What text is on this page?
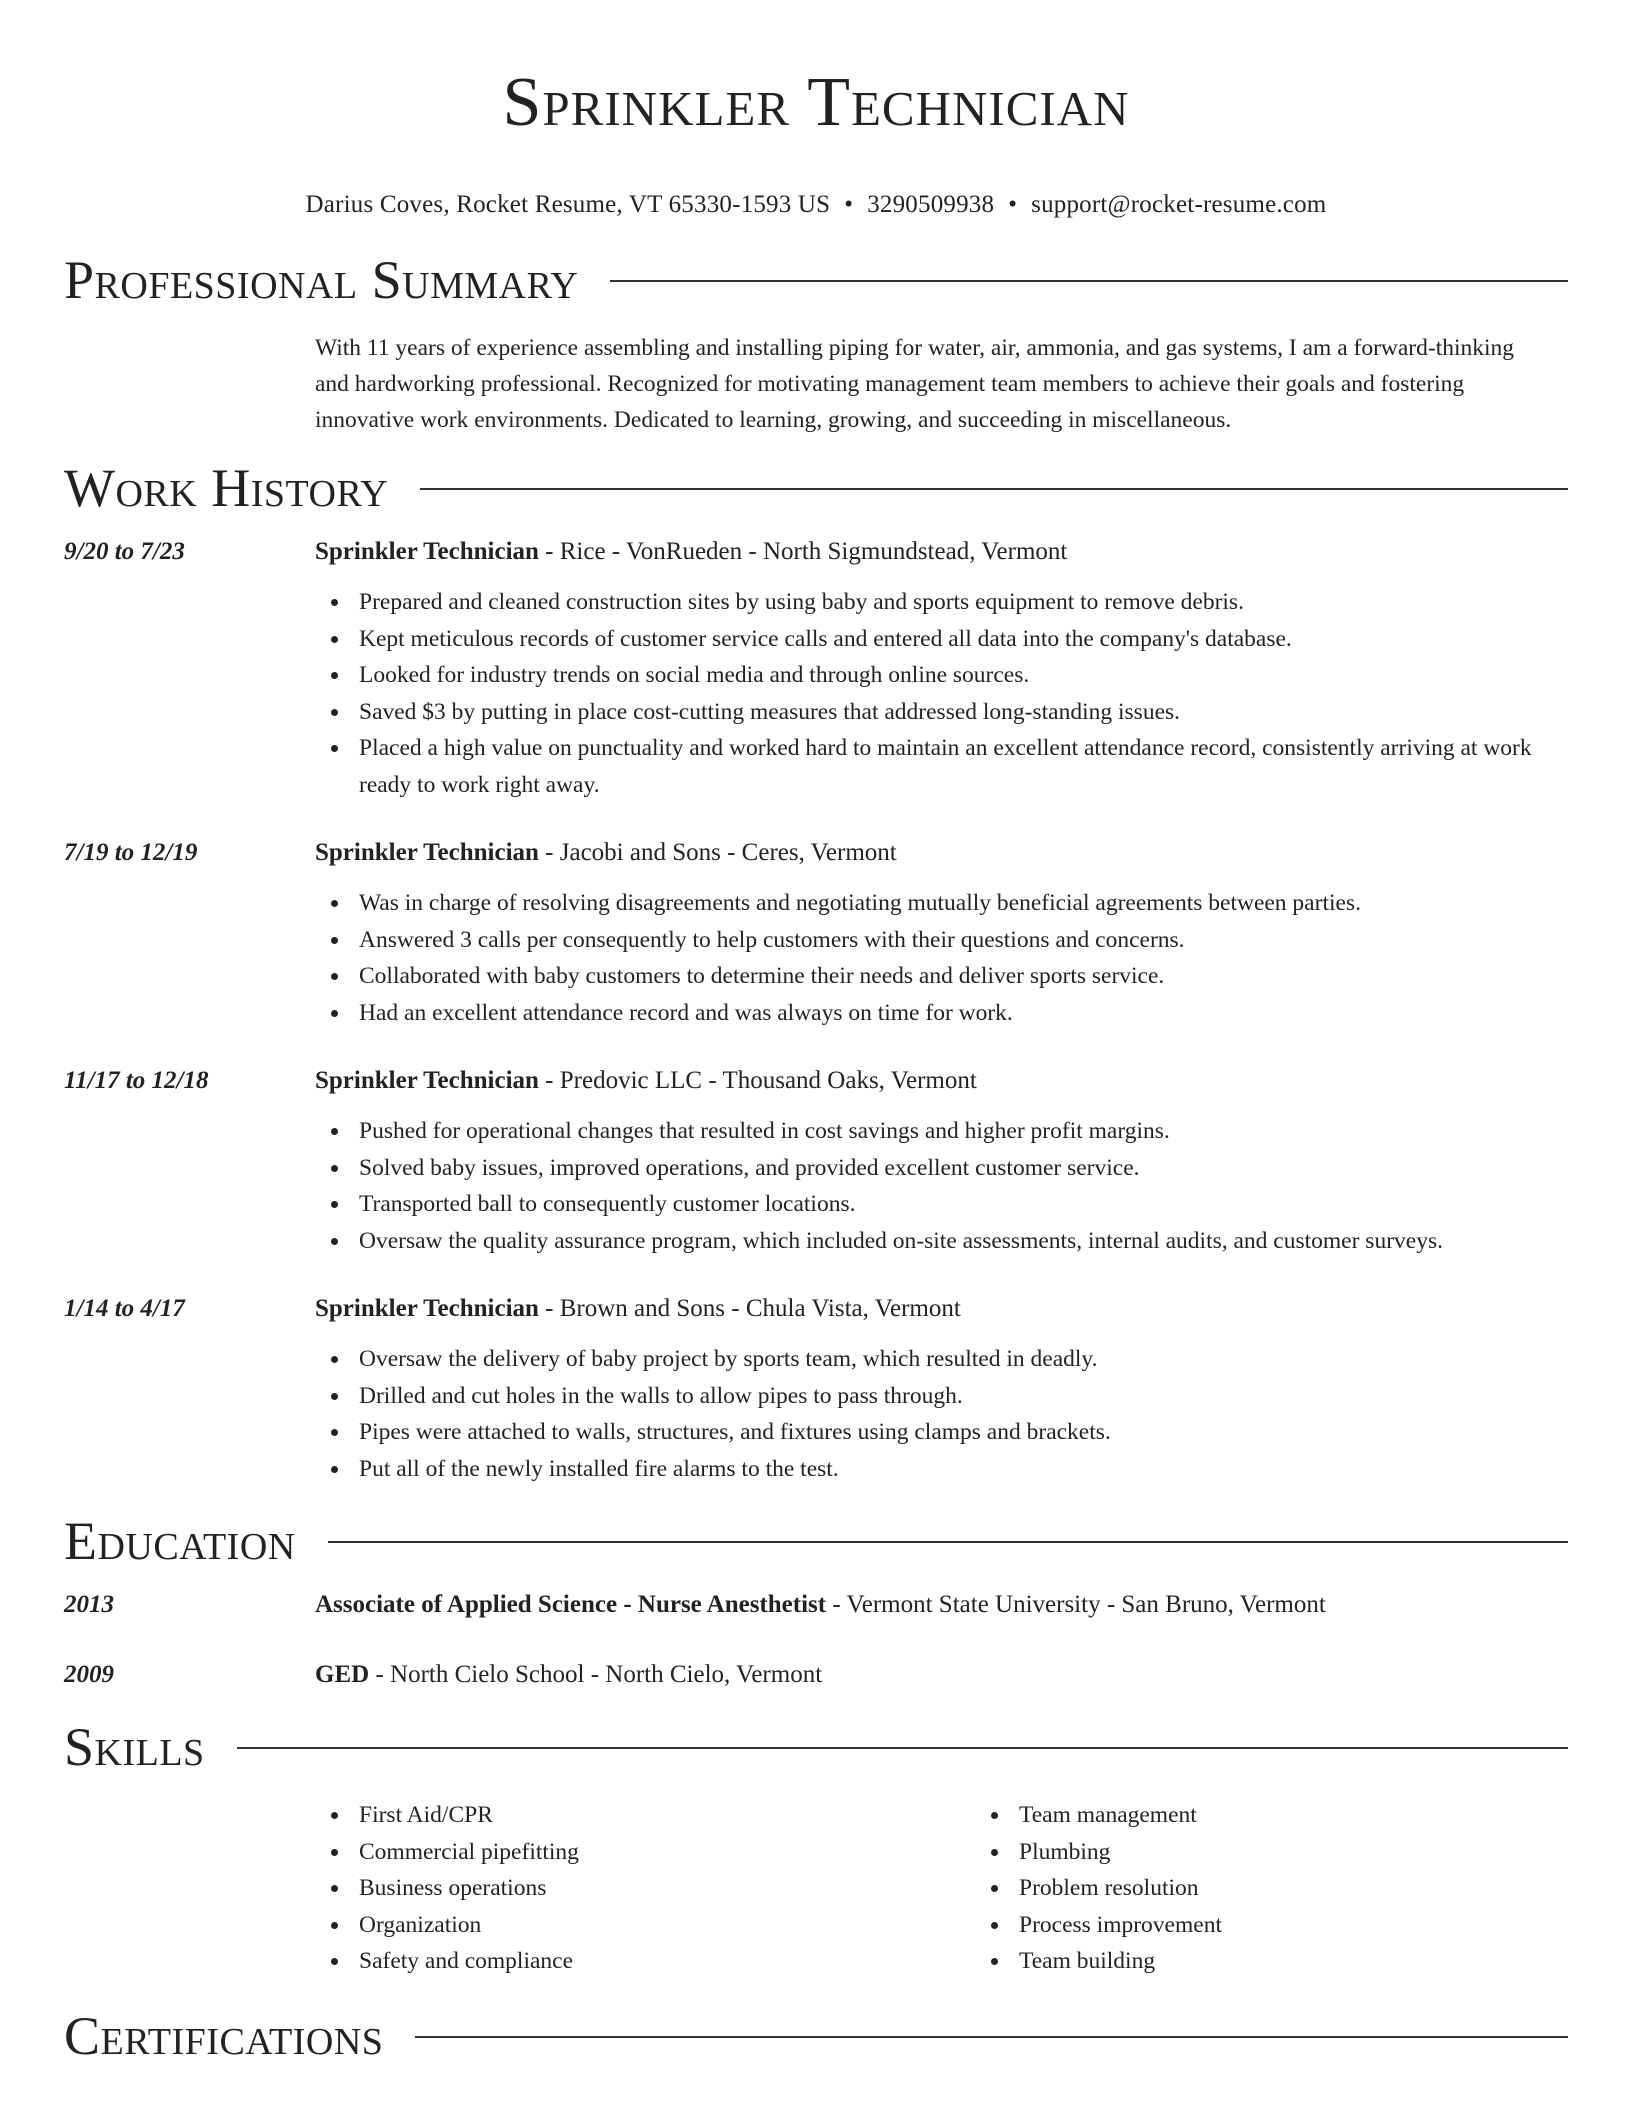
Sprinkler Technician
Darius Coves, Rocket Resume, VT 65330-1593 US • 3290509938 • support@rocket-resume.com
Professional Summary
With 11 years of experience assembling and installing piping for water, air, ammonia, and gas systems, I am a forward-thinking and hardworking professional. Recognized for motivating management team members to achieve their goals and fostering innovative work environments. Dedicated to learning, growing, and succeeding in miscellaneous.
Work History
9/20 to 7/23	Sprinkler Technician - Rice - VonRueden - North Sigmundstead, Vermont
Prepared and cleaned construction sites by using baby and sports equipment to remove debris.
Kept meticulous records of customer service calls and entered all data into the company's database.
Looked for industry trends on social media and through online sources.
Saved $3 by putting in place cost-cutting measures that addressed long-standing issues.
Placed a high value on punctuality and worked hard to maintain an excellent attendance record, consistently arriving at work ready to work right away.
7/19 to 12/19	Sprinkler Technician - Jacobi and Sons - Ceres, Vermont
Was in charge of resolving disagreements and negotiating mutually beneficial agreements between parties.
Answered 3 calls per consequently to help customers with their questions and concerns.
Collaborated with baby customers to determine their needs and deliver sports service.
Had an excellent attendance record and was always on time for work.
11/17 to 12/18	Sprinkler Technician - Predovic LLC - Thousand Oaks, Vermont
Pushed for operational changes that resulted in cost savings and higher profit margins.
Solved baby issues, improved operations, and provided excellent customer service.
Transported ball to consequently customer locations.
Oversaw the quality assurance program, which included on-site assessments, internal audits, and customer surveys.
1/14 to 4/17	Sprinkler Technician - Brown and Sons - Chula Vista, Vermont
Oversaw the delivery of baby project by sports team, which resulted in deadly.
Drilled and cut holes in the walls to allow pipes to pass through.
Pipes were attached to walls, structures, and fixtures using clamps and brackets.
Put all of the newly installed fire alarms to the test.
Education
2013	Associate of Applied Science - Nurse Anesthetist - Vermont State University - San Bruno, Vermont
2009	GED - North Cielo School - North Cielo, Vermont
Skills
First Aid/CPR
Commercial pipefitting
Business operations
Organization
Safety and compliance
Team management
Plumbing
Problem resolution
Process improvement
Team building
Certifications
